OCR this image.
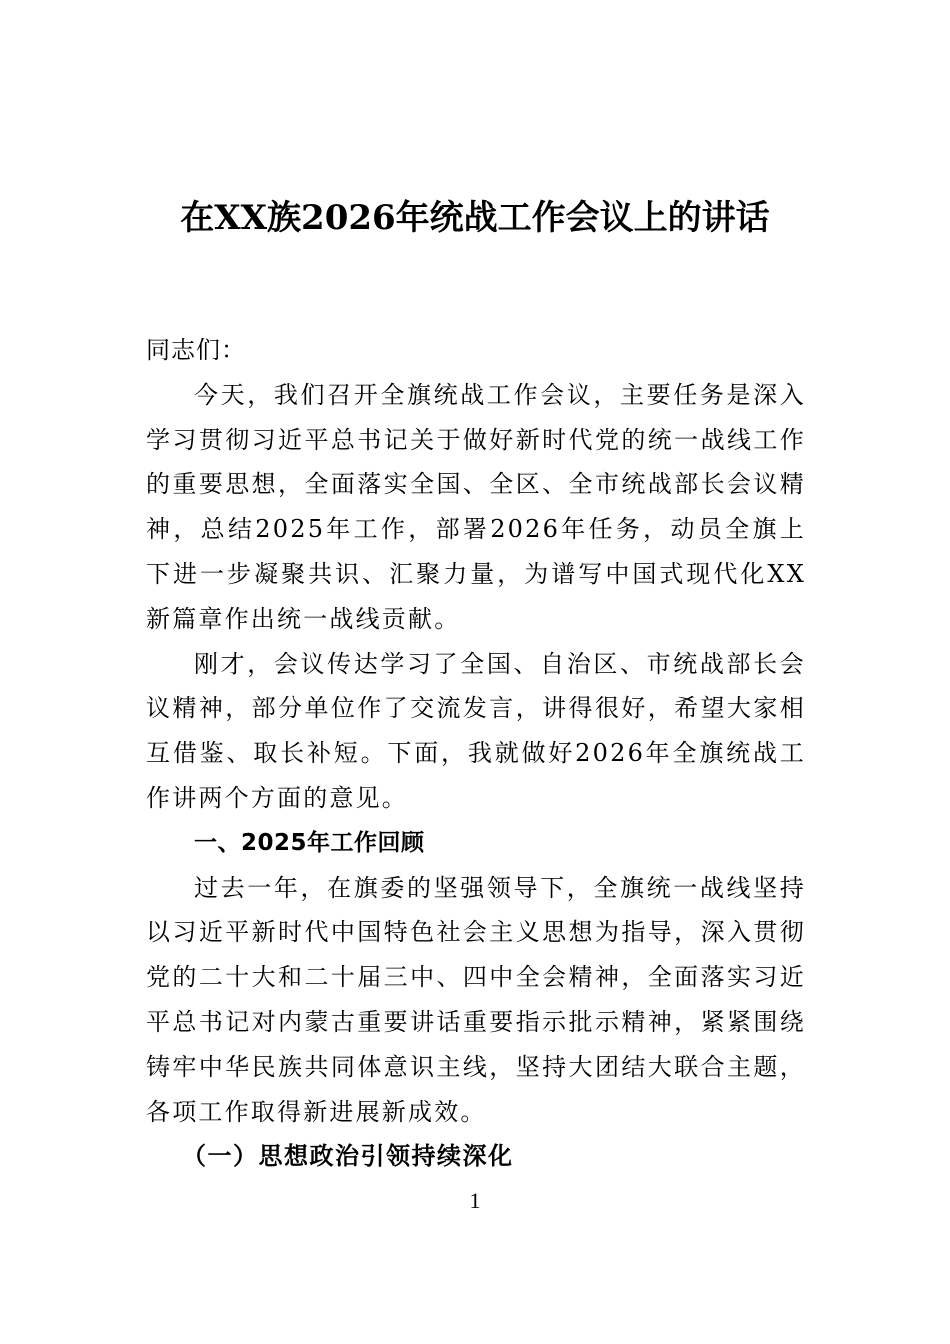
在XX族2026年统战工作会议上的讲话

同志们：

今天，我们召开全旗统战工作会议，主要任务是深入学习贯彻习近平总书记关于做好新时代党的统一战线工作的重要思想，全面落实全国、全区、全市统战部长会议精神，总结2025年工作，部署2026年任务，动员全旗上下进一步凝聚共识、汇聚力量，为谱写中国式现代化XX新篇章作出统一战线贡献。

刚才，会议传达学习了全国、自治区、市统战部长会议精神，部分单位作了交流发言，讲得很好，希望大家相互借鉴、取长补短。下面，我就做好2026年全旗统战工作讲两个方面的意见。

一、2025年工作回顾

过去一年，在旗委的坚强领导下，全旗统一战线坚持以习近平新时代中国特色社会主义思想为指导，深入贯彻党的二十大和二十届三中、四中全会精神，全面落实习近平总书记对内蒙古重要讲话重要指示批示精神，紧紧围绕铸牢中华民族共同体意识主线，坚持大团结大联合主题，各项工作取得新进展新成效。

（一）思想政治引领持续深化

1
